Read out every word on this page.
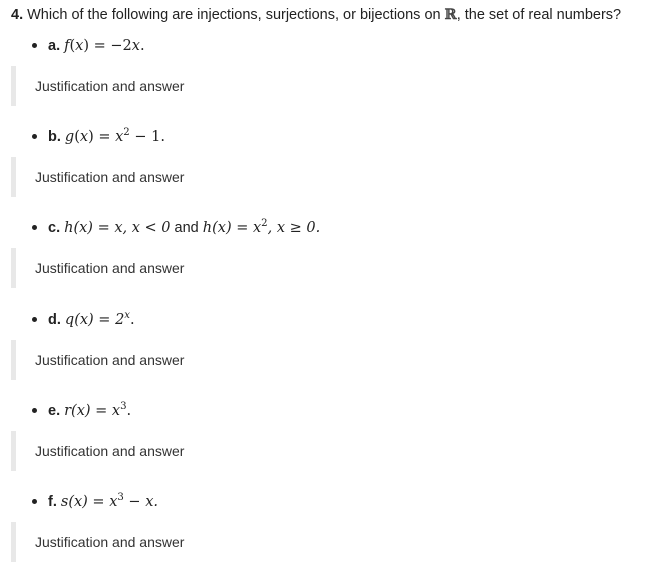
4. Which of the following are injections, surjections, or bijections on ℝ, the set of real numbers?
a. f(x) = −2x.
Justification and answer
b. $g(x) = x^2 - 1$.
Justification and answer
c. h(x) = x, x < 0 and $h(x) = x^2$, x ≥ 0.
Justification and answer
d. $q(x) = 2^x$.
Justification and answer
e. $r(x) = x^3$.
Justification and answer
f. $s(x) = x^3 - x$.
Justification and answer
